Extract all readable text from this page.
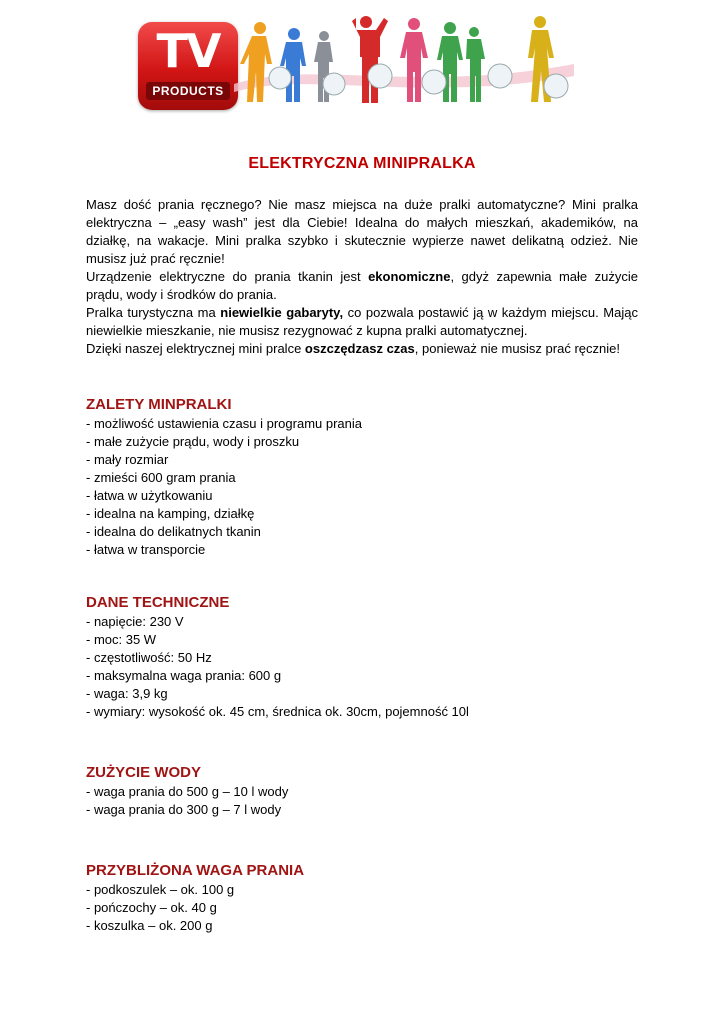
TV
PRODUCTS
ELEKTRYCZNA MINIPRALKA

Masz dość prania ręcznego? Nie masz miejsca na duże pralki automatyczne? Mini pralka elektryczna – „easy wash” jest dla Ciebie! Idealna do małych mieszkań, akademików, na działkę, na wakacje. Mini pralka szybko i skutecznie wypierze nawet delikatną odzież. Nie musisz już prać ręcznie!

Urządzenie elektryczne do prania tkanin jest ekonomiczne, gdyż zapewnia małe zużycie prądu, wody i środków do prania.

Pralka turystyczna ma niewielkie gabaryty, co pozwala postawić ją w każdym miejscu. Mając niewielkie mieszkanie, nie musisz rezygnować z kupna pralki automatycznej.

Dzięki naszej elektrycznej mini pralce oszczędzasz czas, ponieważ nie musisz prać ręcznie!

ZALETY MINPRALKI
- możliwość ustawienia czasu i programu prania
- małe zużycie prądu, wody i proszku
- mały rozmiar
- zmieści 600 gram prania
- łatwa w użytkowaniu
- idealna na kamping, działkę
- idealna do delikatnych tkanin
- łatwa w transporcie
DANE TECHNICZNE
- napięcie: 230 V
- moc: 35 W
- częstotliwość: 50 Hz
- maksymalna waga prania: 600 g
- waga: 3,9 kg
- wymiary: wysokość ok. 45 cm, średnica ok. 30cm, pojemność 10l
ZUŻYCIE WODY
- waga prania do 500 g – 10 l wody
- waga prania do 300 g – 7 l wody
PRZYBLIŻONA WAGA PRANIA
- podkoszulek – ok. 100 g
- pończochy – ok. 40 g
- koszulka – ok. 200 g
